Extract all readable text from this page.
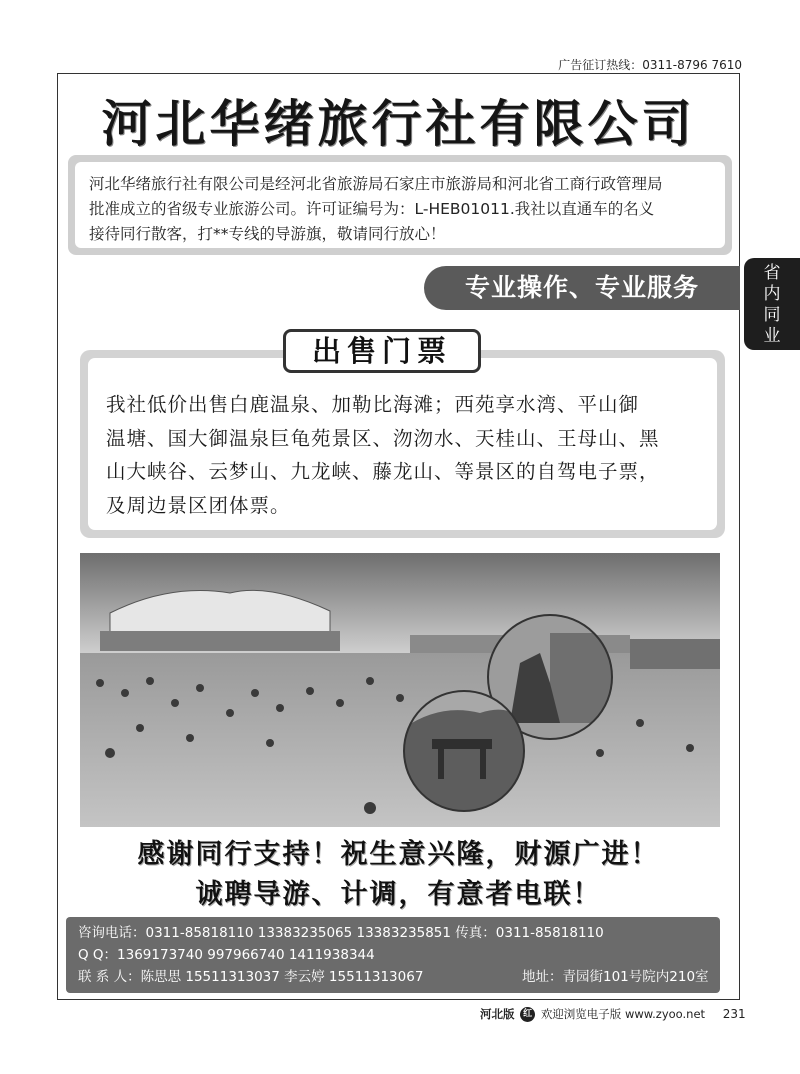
广告征订热线：0311-8796 7610
河北华绪旅行社有限公司
河北华绪旅行社有限公司是经河北省旅游局石家庄市旅游局和河北省工商行政管理局
批准成立的省级专业旅游公司。许可证编号为：L-HEB01011.我社以直通车的名义
接待同行散客，打**专线的导游旗，敬请同行放心！
专业操作、专业服务	省
内
同
业
我社低价出售白鹿温泉、加勒比海滩；西苑享水湾、平山御
温塘、国大御温泉巨龟苑景区、沕沕水、天桂山、王母山、黑
山大峡谷、云梦山、九龙峡、藤龙山、等景区的自驾电子票，
及周边景区团体票。
出售门票
感谢同行支持！祝生意兴隆，财源广进！
诚聘导游、计调，有意者电联！
咨询电话：0311-85818110 13383235065 13383235851 传真：0311-85818110
Q Q：1369173740 997966740 1411938344
联 系 人：陈思思 15511313037 李云婷 15511313067	地址：青园街101号院内210室
河北版 红 欢迎浏览电子版 www.zyoo.net 231
